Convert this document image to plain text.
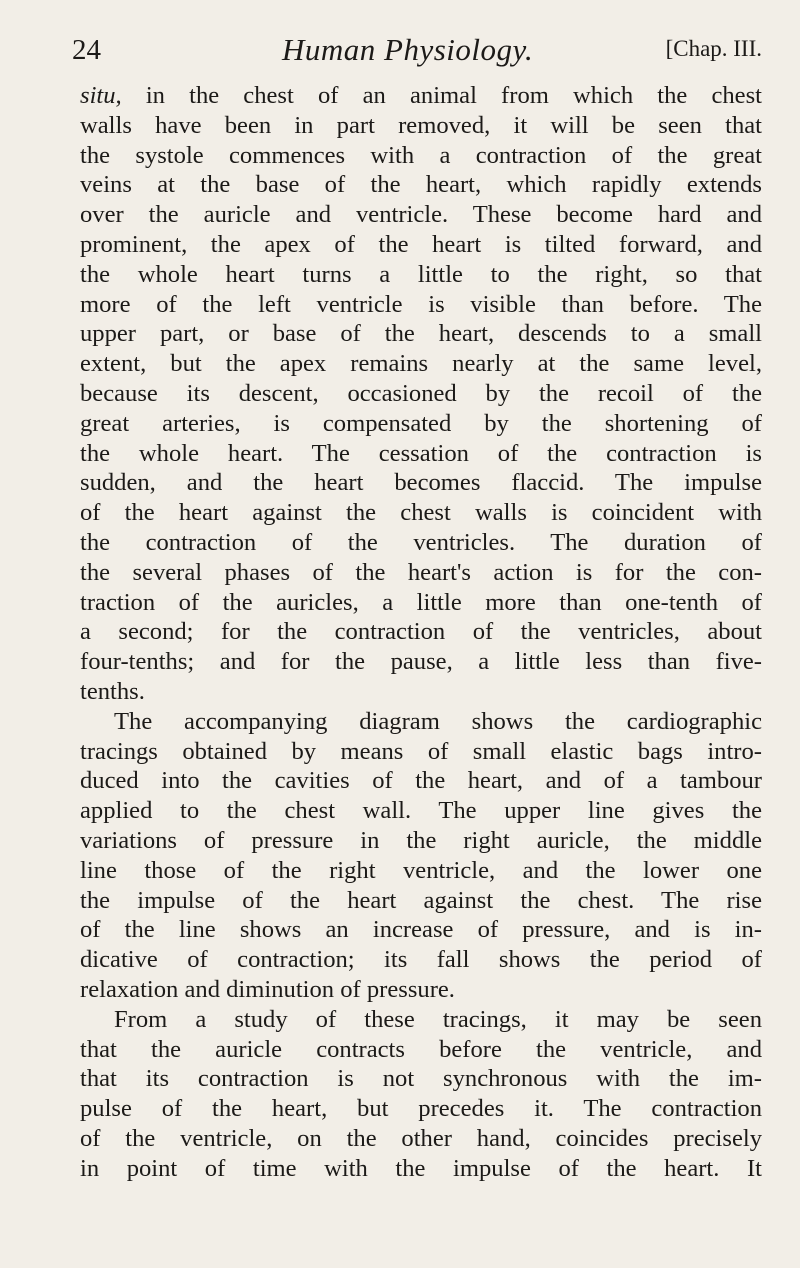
24	Human Physiology.	[Chap. III.
situ, in the chest of an animal from which the chest
walls have been in part removed, it will be seen that
the systole commences with a contraction of the great
veins at the base of the heart, which rapidly extends
over the auricle and ventricle. These become hard and
prominent, the apex of the heart is tilted forward, and
the whole heart turns a little to the right, so that
more of the left ventricle is visible than before. The
upper part, or base of the heart, descends to a small
extent, but the apex remains nearly at the same level,
because its descent, occasioned by the recoil of the
great arteries, is compensated by the shortening of
the whole heart. The cessation of the contraction is
sudden, and the heart becomes flaccid. The impulse
of the heart against the chest walls is coincident with
the contraction of the ventricles. The duration of
the several phases of the heart's action is for the con-
traction of the auricles, a little more than one-tenth of
a second; for the contraction of the ventricles, about
four-tenths; and for the pause, a little less than five-
tenths.
The accompanying diagram shows the cardiographic
tracings obtained by means of small elastic bags intro-
duced into the cavities of the heart, and of a tambour
applied to the chest wall. The upper line gives the
variations of pressure in the right auricle, the middle
line those of the right ventricle, and the lower one
the impulse of the heart against the chest. The rise
of the line shows an increase of pressure, and is in-
dicative of contraction; its fall shows the period of
relaxation and diminution of pressure.
From a study of these tracings, it may be seen
that the auricle contracts before the ventricle, and
that its contraction is not synchronous with the im-
pulse of the heart, but precedes it. The contraction
of the ventricle, on the other hand, coincides precisely
in point of time with the impulse of the heart. It
